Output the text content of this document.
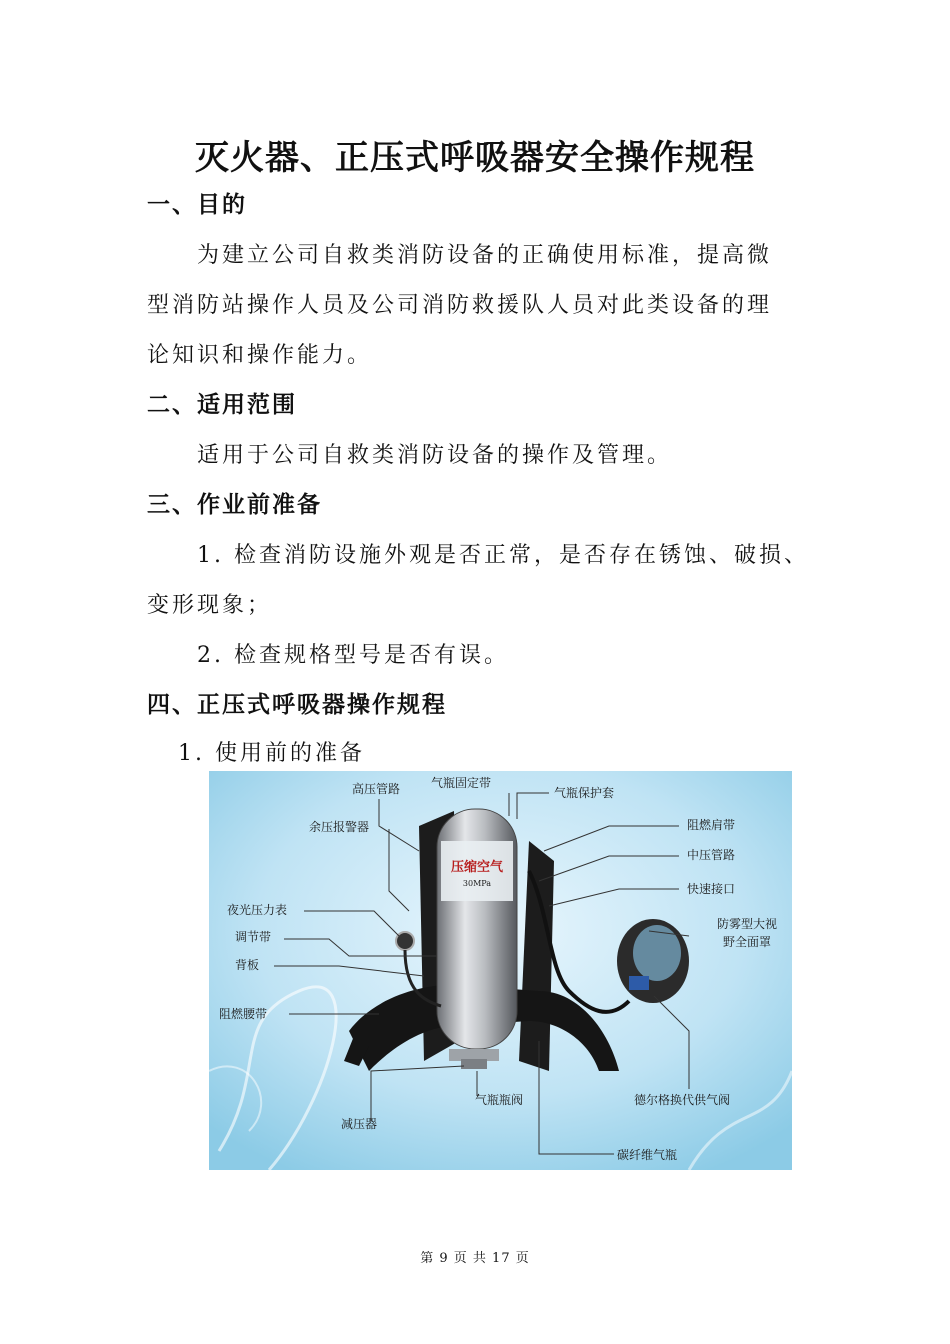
灭火器、正压式呼吸器安全操作规程
一、目的
为建立公司自救类消防设备的正确使用标准，提高微
型消防站操作人员及公司消防救援队人员对此类设备的理
论知识和操作能力。
二、适用范围
适用于公司自救类消防设备的操作及管理。
三、作业前准备
1. 检查消防设施外观是否正常，是否存在锈蚀、破损、
变形现象；
2. 检查规格型号是否有误。
四、正压式呼吸器操作规程
1. 使用前的准备
压缩空气
30MPa
高压管路	气瓶固定带
气瓶保护套
余压报警器	阻燃肩带
中压管路
快速接口
夜光压力表
防雾型大视
野全面罩
调节带
背板
阻燃腰带
减压器
气瓶瓶阀	德尔格换代供气阀
碳纤维气瓶
第 9 页 共 17 页
